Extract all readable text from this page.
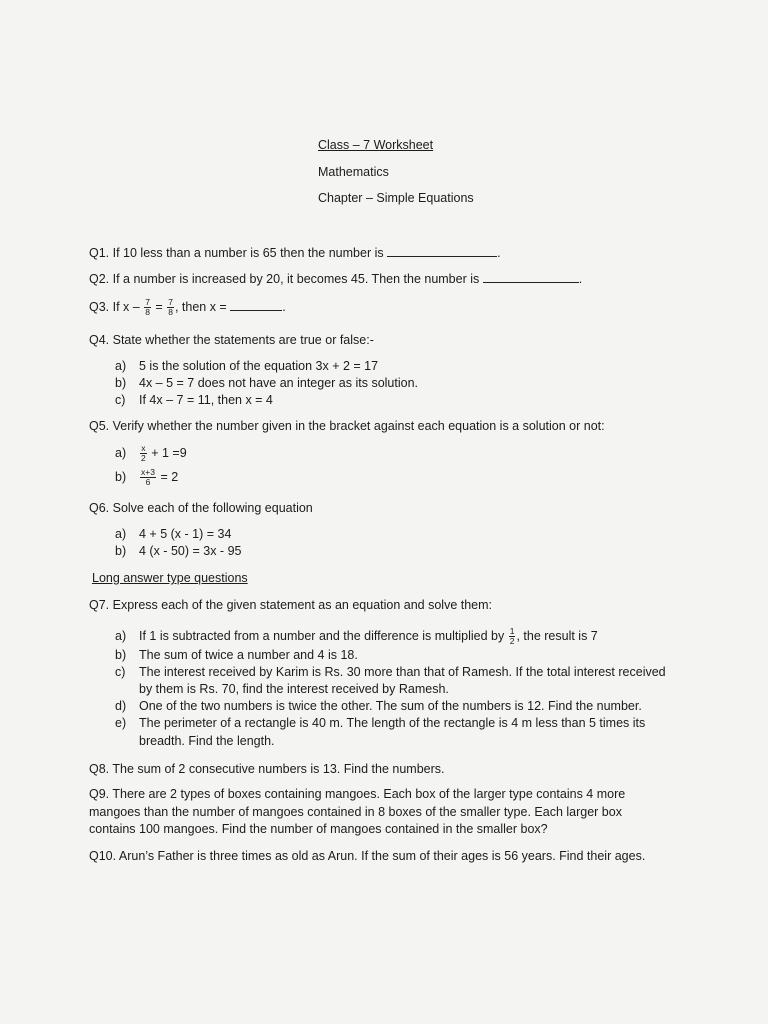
Class – 7 Worksheet
Mathematics
Chapter – Simple Equations
Q1. If 10 less than a number is 65 then the number is	.
Q2. If a number is increased by 20, it becomes 45. Then the number is	.
Q3. If $x - \frac{7}{8} = \frac{7}{8}$ , then x =	.
Q4. State whether the statements are true or false:-
a) 5 is the solution of the equation 3x + 2 = 17
b) 4x – 5 = 7 does not have an integer as its solution.
c) If 4x – 7 = 11, then x = 4
Q5. Verify whether the number given in the bracket against each equation is a solution or not:
$a) \frac{x}{2} + 1 =9$
$b) \frac{x+3}{6} = 2$
Q6. Solve each of the following equation
a) 4 + 5 (x - 1) = 34
b) 4 (x - 50) = 3x - 95
Long answer type questions
Q7. Express each of the given statement as an equation and solve them:
a) If 1 is subtracted from a number and the difference is multiplied by $\frac{1}{2}$ , the result is 7
b) The sum of twice a number and 4 is 18.
c) The interest received by Karim is Rs. 30 more than that of Ramesh. If the total interest received
by them is Rs. 70, find the interest received by Ramesh.
d) One of the two numbers is twice the other. The sum of the numbers is 12. Find the number.
e) The perimeter of a rectangle is 40 m. The length of the rectangle is 4 m less than 5 times its
breadth. Find the length.
Q8. The sum of 2 consecutive numbers is 13. Find the numbers.
Q9. There are 2 types of boxes containing mangoes. Each box of the larger type contains 4 more
mangoes than the number of mangoes contained in 8 boxes of the smaller type. Each larger box
contains 100 mangoes. Find the number of mangoes contained in the smaller box?
Q10. Arun’s Father is three times as old as Arun. If the sum of their ages is 56 years. Find their ages.
